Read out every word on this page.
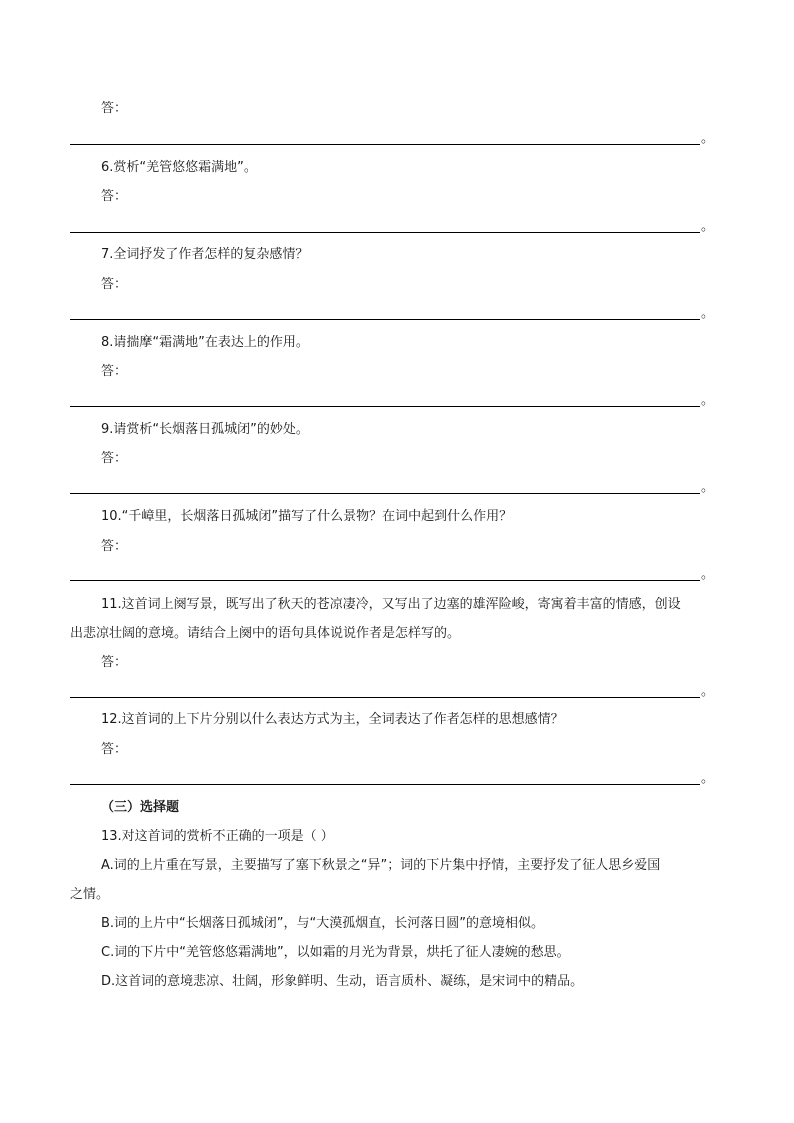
答：
。
6.赏析“羌管悠悠霜满地”。
答：
。
7.全词抒发了作者怎样的复杂感情？
答：
。
8.请揣摩“霜满地”在表达上的作用。
答：
。
9.请赏析“长烟落日孤城闭”的妙处。
答：
。
10.“千嶂里，长烟落日孤城闭”描写了什么景物？在词中起到什么作用？
答：
。
11.这首词上阕写景，既写出了秋天的苍凉凄冷，又写出了边塞的雄浑险峻，寄寓着丰富的情感，创设
出悲凉壮阔的意境。请结合上阕中的语句具体说说作者是怎样写的。
答：
。
12.这首词的上下片分别以什么表达方式为主，全词表达了作者怎样的思想感情？
答：
。
（三）选择题
13.对这首词的赏析不正确的一项是（ ）
A.词的上片重在写景，主要描写了塞下秋景之“异”；词的下片集中抒情，主要抒发了征人思乡爱国
之情。
B.词的上片中“长烟落日孤城闭”，与“大漠孤烟直，长河落日圆”的意境相似。
C.词的下片中“羌管悠悠霜满地”，以如霜的月光为背景，烘托了征人凄婉的愁思。
D.这首词的意境悲凉、壮阔，形象鲜明、生动，语言质朴、凝练，是宋词中的精品。
